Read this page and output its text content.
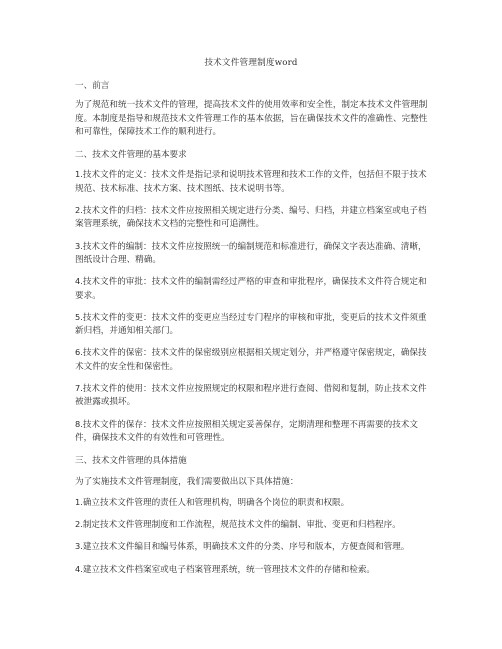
技术文件管理制度word
一、前言
为了规范和统一技术文件的管理，提高技术文件的使用效率和安全性，制定本技术文件管理制度。本制度是指导和规范技术文件管理工作的基本依据，旨在确保技术文件的准确性、完整性和可靠性，保障技术工作的顺利进行。
二、技术文件管理的基本要求
1.技术文件的定义：技术文件是指记录和说明技术管理和技术工作的文件，包括但不限于技术规范、技术标准、技术方案、技术图纸、技术说明书等。
2.技术文件的归档：技术文件应按照相关规定进行分类、编号、归档，并建立档案室或电子档案管理系统，确保技术文档的完整性和可追溯性。
3.技术文件的编制：技术文件应按照统一的编制规范和标准进行，确保文字表达准确、清晰，图纸设计合理、精确。
4.技术文件的审批：技术文件的编制需经过严格的审查和审批程序，确保技术文件符合规定和要求。
5.技术文件的变更：技术文件的变更应当经过专门程序的审核和审批，变更后的技术文件须重新归档，并通知相关部门。
6.技术文件的保密：技术文件的保密级别应根据相关规定划分，并严格遵守保密规定，确保技术文件的安全性和保密性。
7.技术文件的使用：技术文件应按照规定的权限和程序进行查阅、借阅和复制，防止技术文件被泄露或损坏。
8.技术文件的保存：技术文件应按照相关规定妥善保存，定期清理和整理不再需要的技术文件，确保技术文件的有效性和可管理性。
三、技术文件管理的具体措施
为了实施技术文件管理制度，我们需要做出以下具体措施：
1.确立技术文件管理的责任人和管理机构，明确各个岗位的职责和权限。
2.制定技术文件管理制度和工作流程，规范技术文件的编制、审批、变更和归档程序。
3.建立技术文件编目和编号体系，明确技术文件的分类、序号和版本，方便查阅和管理。
4.建立技术文件档案室或电子档案管理系统，统一管理技术文件的存储和检索。
